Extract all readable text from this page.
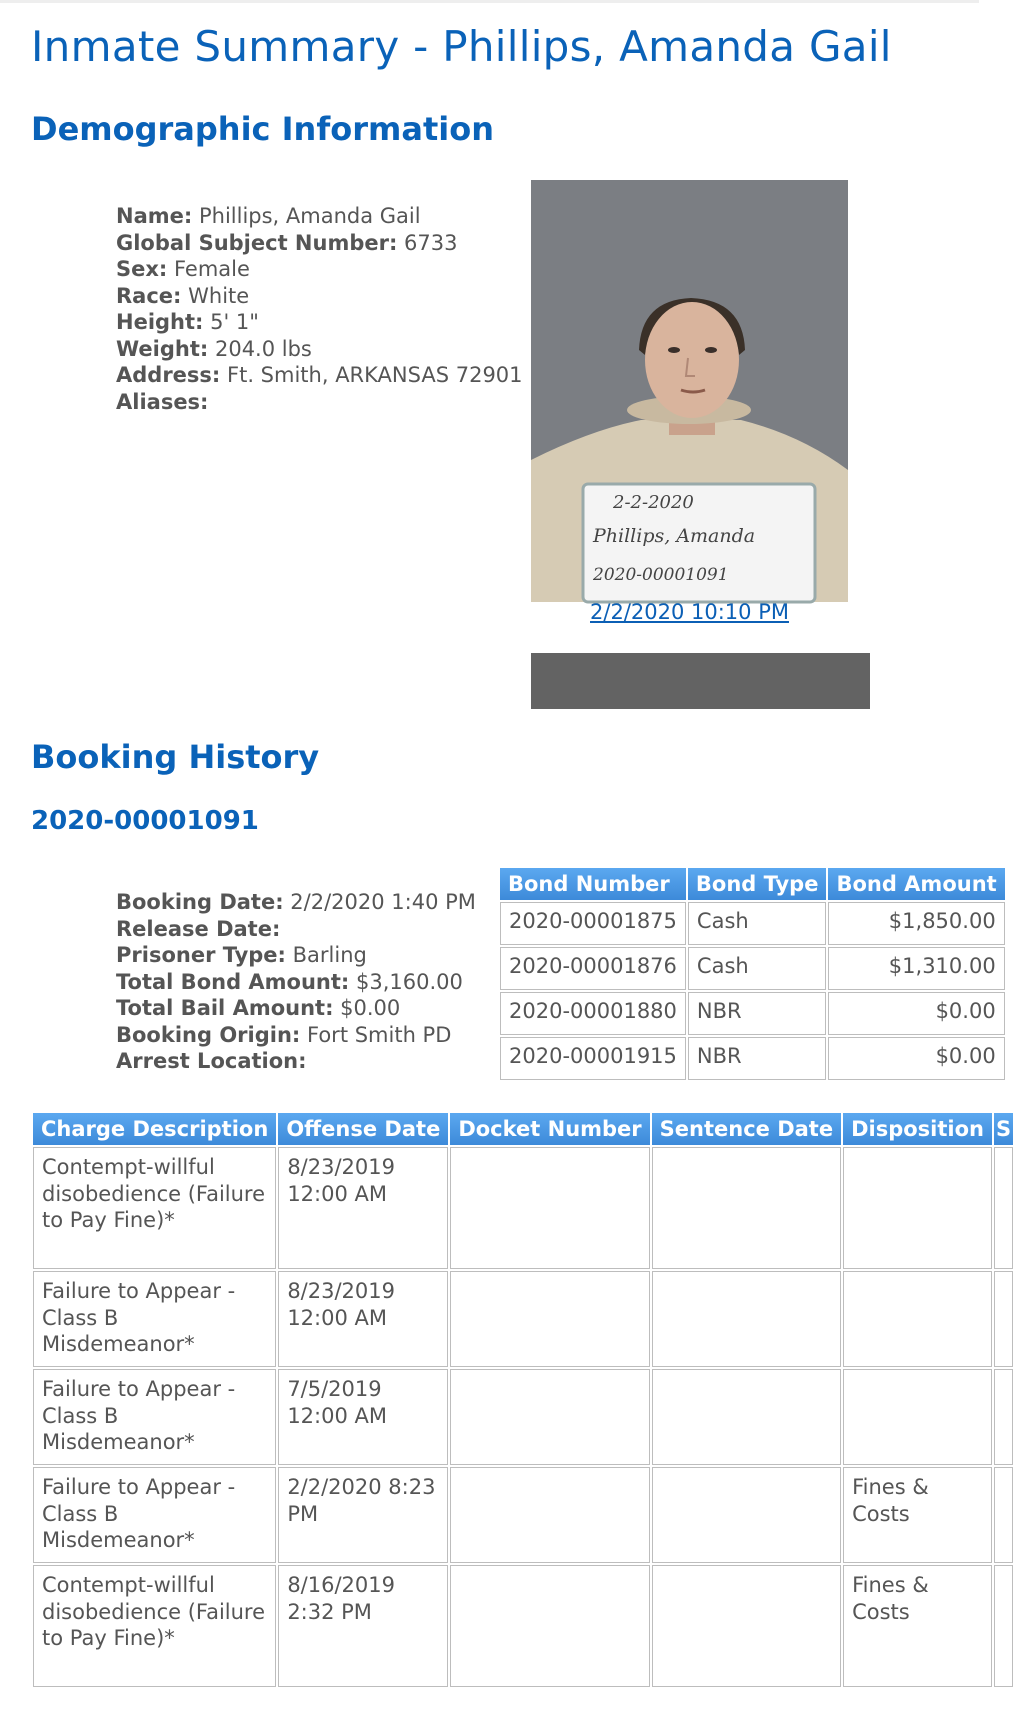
Inmate Summary - Phillips, Amanda Gail
Demographic Information
Name: Phillips, Amanda Gail
Global Subject Number: 6733
Sex: Female
Race: White
Height: 5' 1"
Weight: 204.0 lbs
Address: Ft. Smith, ARKANSAS 72901
Aliases:
2-2-2020
Phillips, Amanda
2020-00001091
2/2/2020 10:10 PM
Booking History
2020-00001091
Booking Date: 2/2/2020 1:40 PM
Release Date:
Prisoner Type: Barling
Total Bond Amount: $3,160.00
Total Bail Amount: $0.00
Booking Origin: Fort Smith PD
Arrest Location:
Bond Number	Bond Type	Bond Amount
2020-00001875	Cash	$1,850.00
2020-00001876	Cash	$1,310.00
2020-00001880	NBR	$0.00
2020-00001915	NBR	$0.00
Charge Description	Offense Date	Docket Number	Sentence Date	Disposition	S
Contempt-willful disobedience (Failure to Pay Fine)*	8/23/2019 12:00 AM				
Failure to Appear - Class B Misdemeanor*	8/23/2019 12:00 AM				
Failure to Appear - Class B Misdemeanor*	7/5/2019 12:00 AM				
Failure to Appear - Class B Misdemeanor*	2/2/2020 8:23 PM			Fines & Costs	
Contempt-willful disobedience (Failure to Pay Fine)*	8/16/2019 2:32 PM			Fines & Costs	
